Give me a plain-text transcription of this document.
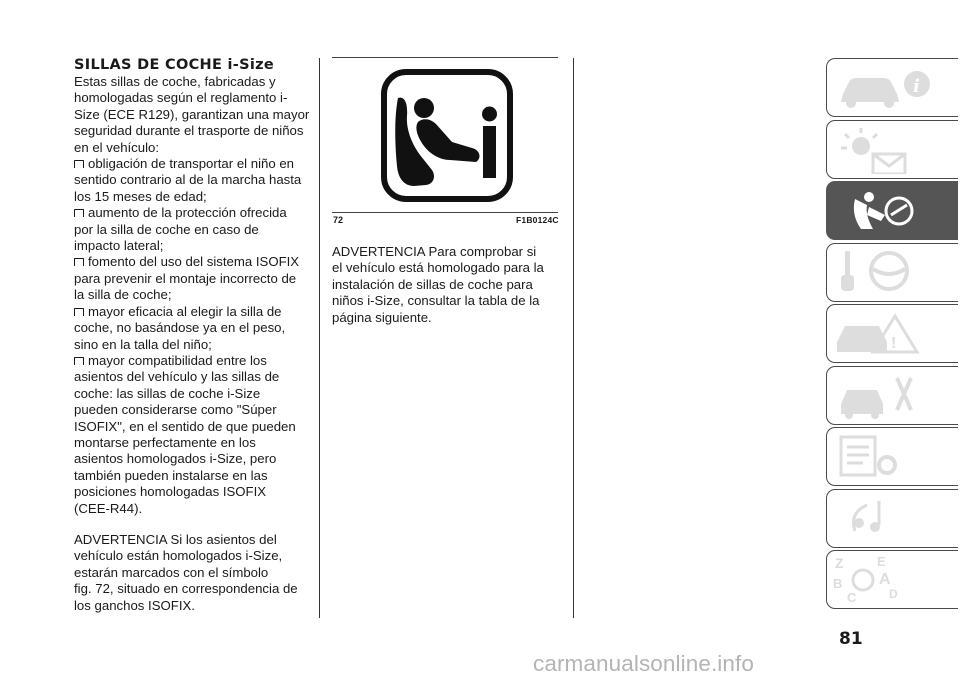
SILLAS DE COCHE i-Size
Estas sillas de coche, fabricadas y
homologadas según el reglamento i-
Size (ECE R129), garantizan una mayor
seguridad durante el trasporte de niños
en el vehículo:
obligación de transportar el niño en
sentido contrario al de la marcha hasta
los 15 meses de edad;
aumento de la protección ofrecida
por la silla de coche en caso de
impacto lateral;
fomento del uso del sistema ISOFIX
para prevenir el montaje incorrecto de
la silla de coche;
mayor eficacia al elegir la silla de
coche, no basándose ya en el peso,
sino en la talla del niño;
mayor compatibilidad entre los
asientos del vehículo y las sillas de
coche: las sillas de coche i-Size
pueden considerarse como "Súper
ISOFIX", en el sentido de que pueden
montarse perfectamente en los
asientos homologados i-Size, pero
también pueden instalarse en las
posiciones homologadas ISOFIX
(CEE-R44).
ADVERTENCIA Si los asientos del
vehículo están homologados i-Size,
estarán marcados con el símbolo
fig. 72, situado en correspondencia de
los ganchos ISOFIX.
72	F1B0124C
ADVERTENCIA Para comprobar si
el vehículo está homologado para la
instalación de sillas de coche para
niños i-Size, consultar la tabla de la
página siguiente.
i
!
Z	E
B A
C	D
81
carmanualsonline.info
